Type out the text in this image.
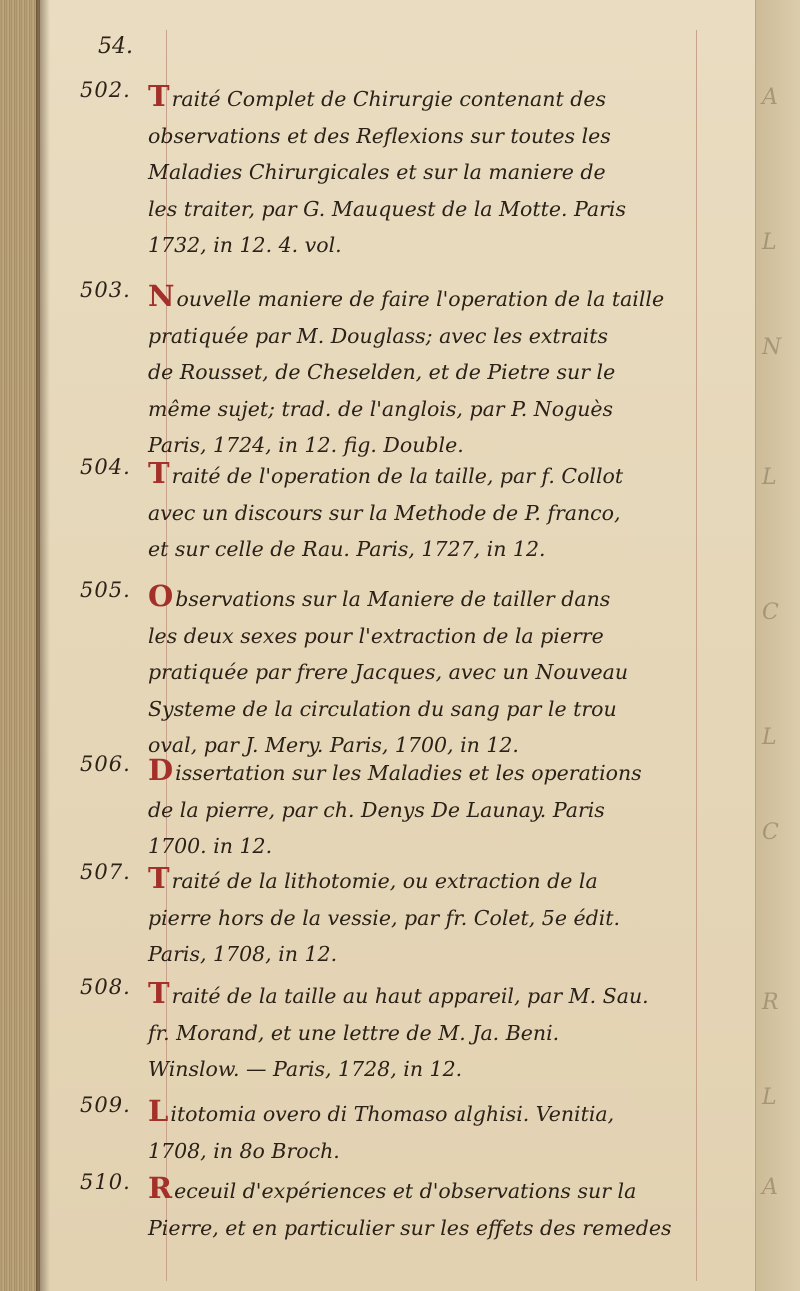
54.
502. Traité Complet de Chirurgie contenant des
observations et des Reflexions sur toutes les
Maladies Chirurgicales et sur la maniere de
les traiter, par G. Mauquest de la Motte. Paris
1732, in 12. 4. vol.
503. Nouvelle maniere de faire l'operation de la taille
pratiquée par M. Douglass; avec les extraits
de Rousset, de Cheselden, et de Pietre sur le
même sujet; trad. de l'anglois, par P. Noguès
Paris, 1724, in 12. fig. Double.
504. Traité de l'operation de la taille, par f. Collot
avec un discours sur la Methode de P. franco,
et sur celle de Rau. Paris, 1727, in 12.
505. Observations sur la Maniere de tailler dans
les deux sexes pour l'extraction de la pierre
pratiquée par frere Jacques, avec un Nouveau
Systeme de la circulation du sang par le trou
oval, par J. Mery. Paris, 1700, in 12.
506. Dissertation sur les Maladies et les operations
de la pierre, par ch. Denys De Launay. Paris
1700. in 12.
507. Traité de la lithotomie, ou extraction de la
pierre hors de la vessie, par fr. Colet, 5e édit.
Paris, 1708, in 12.
508. Traité de la taille au haut appareil, par M. Sau.
fr. Morand, et une lettre de M. Ja. Beni.
Winslow. — Paris, 1728, in 12.
509. Litotomia overo di Thomaso alghisi. Venitia,
1708, in 8o Broch.
510. Receuil d'expériences et d'observations sur la
Pierre, et en particulier sur les effets des remedes
A
L
N
L
C
L
C
R
L
A
